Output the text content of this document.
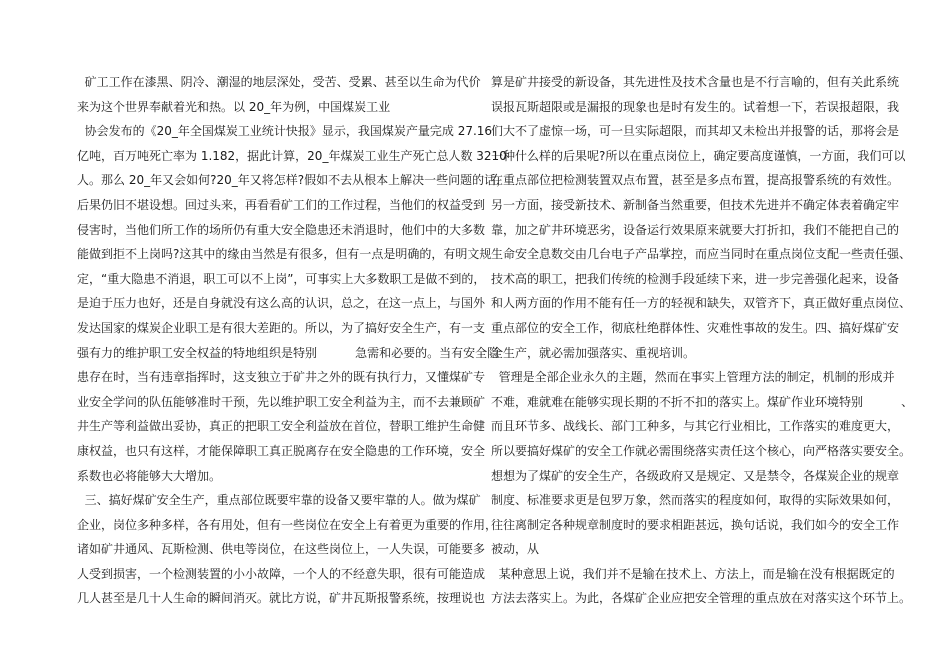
矿工工作在漆黑、阴冷、潮湿的地层深处，受苦、受累、甚至以生命为代价
来为这个世界奉献着光和热。以 20_年为例，中国煤炭工业
协会发布的《20_年全国煤炭工业统计快报》显示，我国煤炭产量完成 27.16
亿吨，百万吨死亡率为 1.182，据此计算，20_年煤炭工业生产死亡总人数 3210
人。那么 20_年又会如何?20_年又将怎样?假如不去从根本上解决一些问题的话，
后果仍旧不堪设想。回过头来，再看看矿工们的工作过程，当他们的权益受到
侵害时，当他们所工作的场所仍有重大安全隐患还未消退时，他们中的大多数
能做到拒不上岗吗?这其中的缘由当然是有很多，但有一点是明确的，有明文规
定，“重大隐患不消退，职工可以不上岗”，可事实上大多数职工是做不到的，
是迫于压力也好，还是自身就没有这么高的认识，总之，在这一点上，与国外
发达国家的煤炭企业职工是有很大差距的。所以，为了搞好安全生产，有一支
强有力的维护职工安全权益的特地组织是特别          急需和必要的。当有安全隐
患存在时，当有违章指挥时，这支独立于矿井之外的既有执行力，又懂煤矿专
业安全学问的队伍能够准时干预，先以维护职工安全利益为主，而不去兼顾矿
井生产等利益做出妥协，真正的把职工安全利益放在首位，替职工维护生命健
康权益，也只有这样，才能保障职工真正脱离存在安全隐患的工作环境，安全
系数也必将能够大大增加。
三、搞好煤矿安全生产，重点部位既要牢靠的设备又要牢靠的人。做为煤矿
企业，岗位多种多样，各有用处，但有一些岗位在安全上有着更为重要的作用，
诸如矿井通风、瓦斯检测、供电等岗位，在这些岗位上，一人失误，可能要多
人受到损害，一个检测装置的小小故障，一个人的不经意失职，很有可能造成
几人甚至是几十人生命的瞬间消灭。就比方说，矿井瓦斯报警系统，按理说也
算是矿井接受的新设备，其先进性及技术含量也是不行言喻的，但有关此系统
误报瓦斯超限或是漏报的现象也是时有发生的。试着想一下，若误报超限，我
们大不了虚惊一场，可一旦实际超限，而其却又未检出并报警的话，那将会是
一种什么样的后果呢?所以在重点岗位上，确定要高度谨慎，一方面，我们可以
在重点部位把检测装置双点布置，甚至是多点布置，提高报警系统的有效性。
另一方面，接受新技术、新制备当然重要，但技术先进并不确定体表着确定牢
靠，加之矿井环境恶劣，设备运行效果原来就要大打折扣，我们不能把自己的
生命安全息数交由几台电子产品掌控，而应当同时在重点岗位支配一些责任强、
技术高的职工，把我们传统的检测手段延续下来，进一步完善强化起来，设备
和人两方面的作用不能有任一方的轻视和缺失，双管齐下，真正做好重点岗位、
重点部位的安全工作，彻底杜绝群体性、灾难性事故的发生。四、搞好煤矿安
全生产，就必需加强落实、重视培训。
管理是全部企业永久的主题，然而在事实上管理方法的制定，机制的形成并
不难，难就难在能够实现长期的不折不扣的落实上。煤矿作业环境特别          、
而且环节多、战线长、部门工种多，与其它行业相比，工作落实的难度更大，
所以要搞好煤矿的安全工作就必需围绕落实责任这个核心，向严格落实要安全。
想想为了煤矿的安全生产，各级政府又是规定、又是禁令，各煤炭企业的规章
制度、标准要求更是包罗万象，然而落实的程度如何，取得的实际效果如何，
往往离制定各种规章制度时的要求相距甚远，换句话说，我们如今的安全工作
被动，从
某种意思上说，我们并不是输在技术上、方法上，而是输在没有根据既定的
方法去落实上。为此，各煤矿企业应把安全管理的重点放在对落实这个环节上。
